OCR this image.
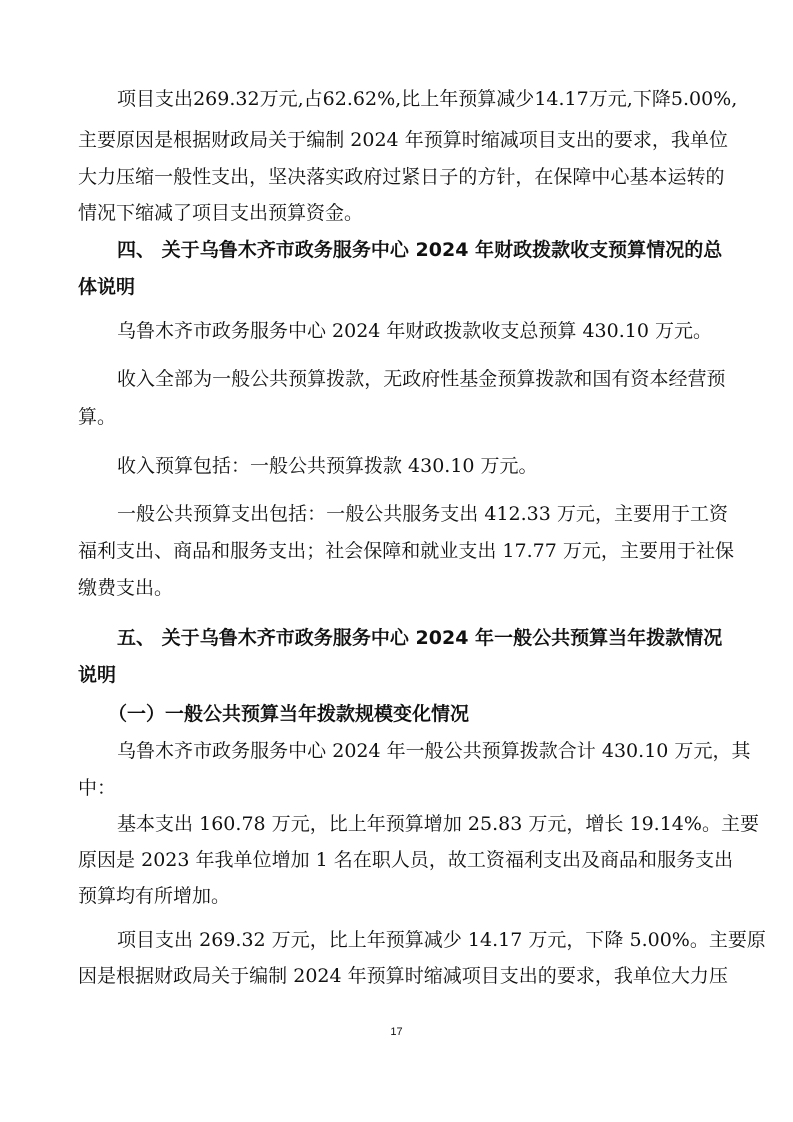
项 目 支 出 2 6 9 . 3 2 万 元 , 占 6 2 . 6 2 % , 比 上 年 预 算 减 少 1 4 . 1 7 万 元 , 下 降 5 . 0 0 % ,
主 要 原 因 是 根 据 财 政 局 关 于 编 制
2 0 2 4
年 预 算 时 缩 减 项 目 支 出 的 要 求 ， 我 单 位
大 力 压 缩 一 般 性 支 出 ， 坚 决 落 实 政 府 过 紧 日 子 的 方 针 ， 在 保 障 中 心 基 本 运 转 的
情况下缩减了项目支出预算资金。
四 、
关 于 乌 鲁 木 齐 市 政 务 服 务 中 心
2 0 2 4
年 财 政 拨 款 收 支 预 算 情 况 的 总
体说明
乌鲁木齐市政务服务中心 2024 年财政拨款收支总预算 430.10 万元。
收 入 全 部 为 一 般 公 共 预 算 拨 款 ， 无 政 府 性 基 金 预 算 拨 款 和 国 有 资 本 经 营 预
算。
收入预算包括：一般公共预算拨款 430.10 万元。
一 般 公 共 预 算 支 出 包 括 ： 一 般 公 共 服 务 支 出
4 1 2 . 3 3
万 元 ， 主 要 用 于 工 资
福 利 支 出 、 商 品 和 服 务 支 出 ； 社 会 保 障 和 就 业 支 出
1 7 . 7 7
万 元 ， 主 要 用 于 社 保
缴费支出。
五 、
关 于 乌 鲁 木 齐 市 政 务 服 务 中 心
2 0 2 4
年 一 般 公 共 预 算 当 年 拨 款 情 况
说明
（一）一般公共预算当年拨款规模变化情况
乌 鲁 木 齐 市 政 务 服 务 中 心
2 0 2 4
年 一 般 公 共 预 算 拨 款 合 计
4 3 0 . 1 0
万 元 ， 其
中：
基 本 支 出
1 6 0 . 7 8
万 元 ， 比 上 年 预 算 增 加
2 5 . 8 3
万 元 ， 增 长
1 9 . 1 4 % 。 主 要
原 因 是
2 0 2 3
年 我 单 位 增 加
1
名 在 职 人 员 ， 故 工 资 福 利 支 出 及 商 品 和 服 务 支 出
预算均有所增加。
项 目 支 出
2 6 9 . 3 2
万 元 ， 比 上 年 预 算 减 少
1 4 . 1 7
万 元 ， 下 降
5 . 0 0 % 。 主 要 原
因 是 根 据 财 政 局 关 于 编 制
2 0 2 4
年 预 算 时 缩 减 项 目 支 出 的 要 求 ， 我 单 位 大 力 压
17
